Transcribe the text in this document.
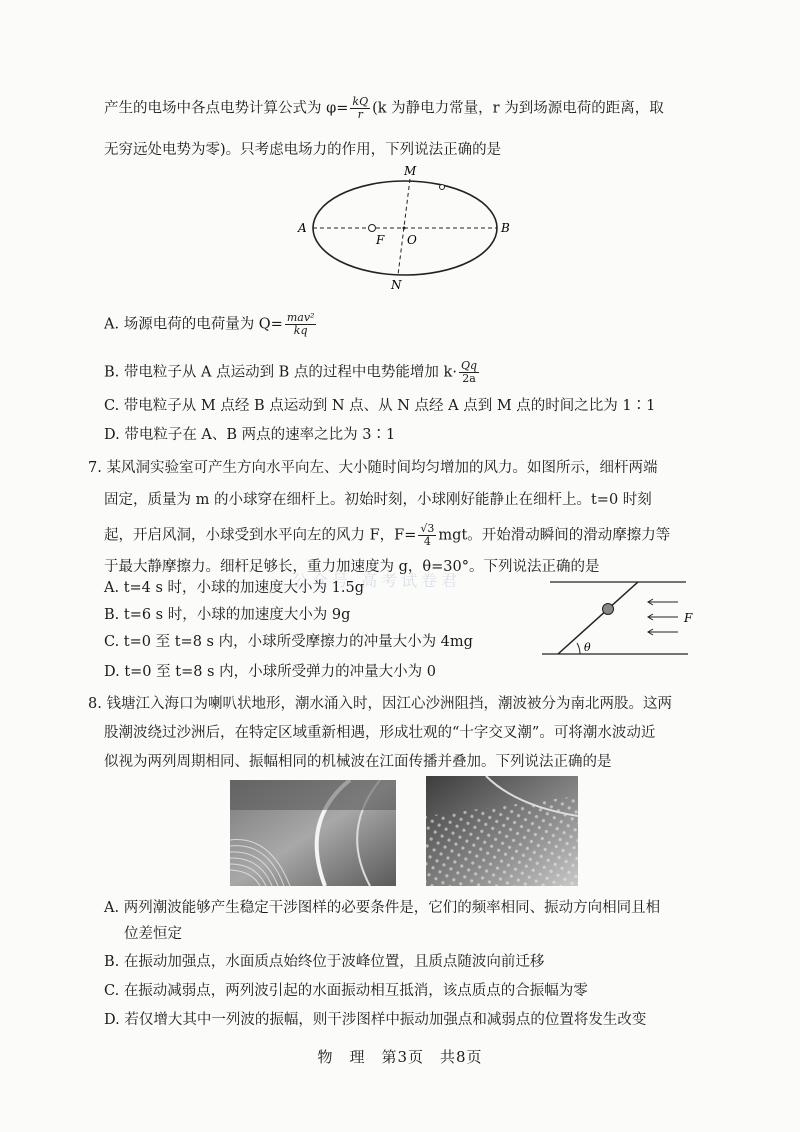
产生的电场中各点电势计算公式为 $\varphi= \frac{kQ}{r} (k$ 为静电力常量，r 为到场源电荷的距离，取
无穷远处电势为零)。只考虑电场力的作用，下列说法正确的是
M
N
A	B
F O
A. 场源电荷的电荷量为 $Q= \frac{\text{mav²}}{kq}$
B. 带电粒子从 A 点运动到 B 点的过程中电势能增加 $k\cdot \frac{Qq}{2a}$
C. 带电粒子从 M 点经 B 点运动到 N 点、从 N 点经 A 点到 M 点的时间之比为 1∶1
D. 带电粒子在 A、B 两点的速率之比为 3∶1
7. 某风洞实验室可产生方向水平向左、大小随时间均匀增加的风力。如图所示，细杆两端
固定，质量为 m 的小球穿在细杆上。初始时刻，小球刚好能静止在细杆上。t=0 时刻
起，开启风洞，小球受到水平向左的风力 F，$F= \frac{√3}{4}$ mgt。开始滑动瞬间的滑动摩擦力等
于最大静摩擦力。细杆足够长，重力加速度为 g，θ=30°。下列说法正确的是
公众号 高考试卷君
A. t=4 s 时，小球的加速度大小为 1.5g
B. t=6 s 时，小球的加速度大小为 9g
C. t=0 至 t=8 s 内，小球所受摩擦力的冲量大小为 4mg
D. t=0 至 t=8 s 内，小球所受弹力的冲量大小为 0
F
θ
8. 钱塘江入海口为喇叭状地形，潮水涌入时，因江心沙洲阻挡，潮波被分为南北两股。这两
股潮波绕过沙洲后，在特定区域重新相遇，形成壮观的“十字交叉潮”。可将潮水波动近
似视为两列周期相同、振幅相同的机械波在江面传播并叠加。下列说法正确的是
A. 两列潮波能够产生稳定干涉图样的必要条件是，它们的频率相同、振动方向相同且相
位差恒定
B. 在振动加强点，水面质点始终位于波峰位置，且质点随波向前迁移
C. 在振动减弱点，两列波引起的水面振动相互抵消，该点质点的合振幅为零
D. 若仅增大其中一列波的振幅，则干涉图样中振动加强点和减弱点的位置将发生改变
物　理　第3页　共8页
